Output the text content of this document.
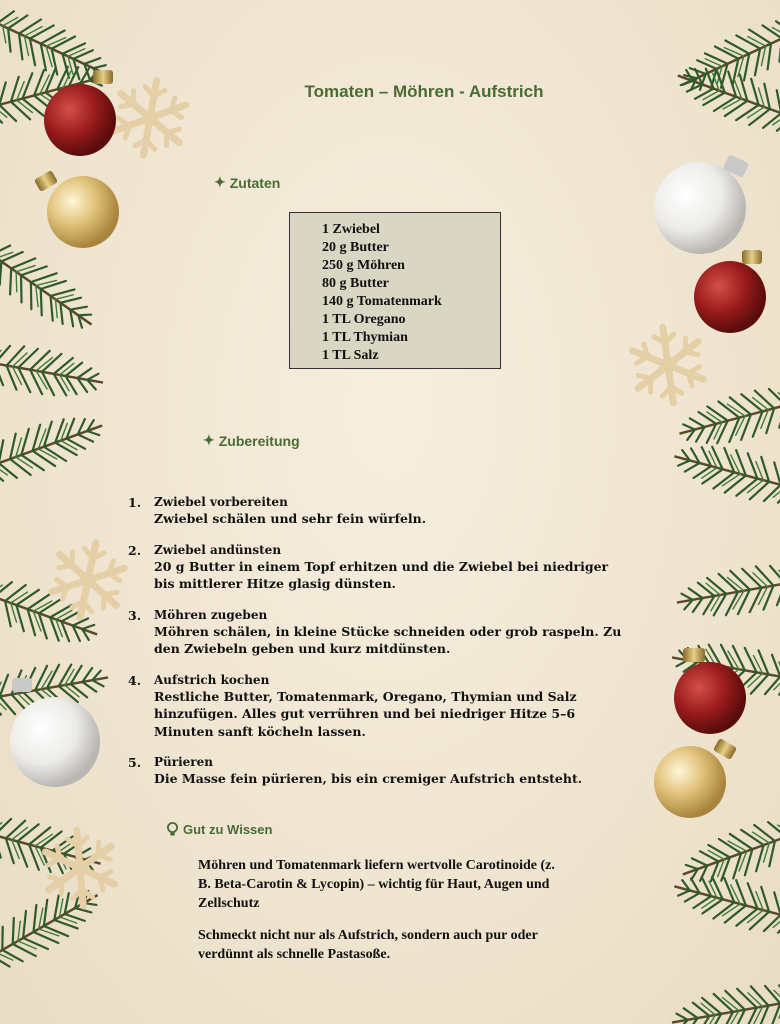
Tomaten – Möhren - Aufstrich
✦ Zutaten
1 Zwiebel
20 g Butter
250 g Möhren
80 g Butter
140 g Tomatenmark
1 TL Oregano
1 TL Thymian
1 TL Salz
✦ Zubereitung
1.	Zwiebel vorbereiten
Zwiebel schälen und sehr fein würfeln.
2.	Zwiebel andünsten
20 g Butter in einem Topf erhitzen und die Zwiebel bei niedriger bis mittlerer Hitze glasig dünsten.
3.	Möhren zugeben
Möhren schälen, in kleine Stücke schneiden oder grob raspeln. Zu den Zwiebeln geben und kurz mitdünsten.
4.	Aufstrich kochen
Restliche Butter, Tomatenmark, Oregano, Thymian und Salz hinzufügen. Alles gut verrühren und bei niedriger Hitze 5–6 Minuten sanft köcheln lassen.
5.	Pürieren
Die Masse fein pürieren, bis ein cremiger Aufstrich entsteht.
Gut zu Wissen
Möhren und Tomatenmark liefern wertvolle Carotinoide (z. B. Beta-Carotin & Lycopin) – wichtig für Haut, Augen und Zellschutz
Schmeckt nicht nur als Aufstrich, sondern auch pur oder verdünnt als schnelle Pastasoße.
